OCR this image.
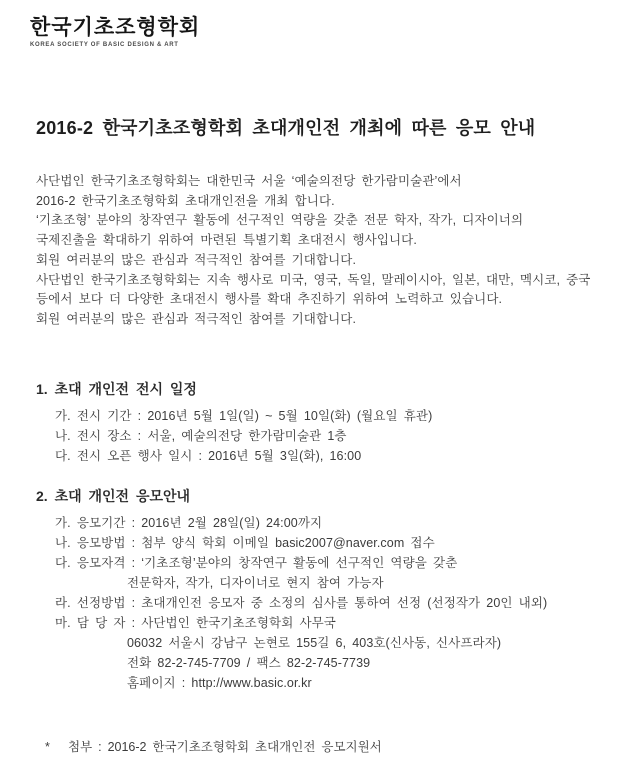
한국기초조형학회
KOREA SOCIETY OF BASIC DESIGN & ART
2016-2 한국기초조형학회 초대개인전 개최에 따른 응모 안내
사단법인 한국기초조형학회는 대한민국 서울 ‘예술의전당 한가람미술관’에서
2016-2 한국기초조형학회 초대개인전을 개최 합니다.
‘기초조형’ 분야의 창작연구 활동에 선구적인 역량을 갖춘 전문 학자, 작가, 디자이너의
국제진출을 확대하기 위하여 마련된 특별기획 초대전시 행사입니다.
회원 여러분의 많은 관심과 적극적인 참여를 기대합니다.
사단법인 한국기초조형학회는 지속 행사로 미국, 영국, 독일, 말레이시아, 일본, 대만, 멕시코, 중국
등에서 보다 더 다양한 초대전시 행사를 확대 추진하기 위하여 노력하고 있습니다.
회원 여러분의 많은 관심과 적극적인 참여를 기대합니다.
1. 초대 개인전 전시 일정
가. 전시 기간 : 2016년 5월 1일(일) ~ 5월 10일(화) (월요일 휴관)
나. 전시 장소 : 서울, 예술의전당 한가람미술관 1층
다. 전시 오픈 행사 일시 : 2016년 5월 3일(화), 16:00
2. 초대 개인전 응모안내
가. 응모기간 : 2016년 2월 28일(일) 24:00까지
나. 응모방법 : 첨부 양식 학회 이메일 basic2007@naver.com 접수
다. 응모자격 : ‘기초조형’분야의 창작연구 활동에 선구적인 역량을 갖춘
전문학자, 작가, 디자이너로 현지 참여 가능자
라. 선정방법 : 초대개인전 응모자 중 소정의 심사를 통하여 선정 (선정작가 20인 내외)
마. 담 당 자 : 사단법인 한국기초조형학회 사무국
06032 서울시 강남구 논현로 155길 6, 403호(신사동, 신사프라자)
전화 82-2-745-7709 / 팩스 82-2-745-7739
홈페이지 : http://www.basic.or.kr
* 첨부 : 2016-2 한국기초조형학회 초대개인전 응모지원서
